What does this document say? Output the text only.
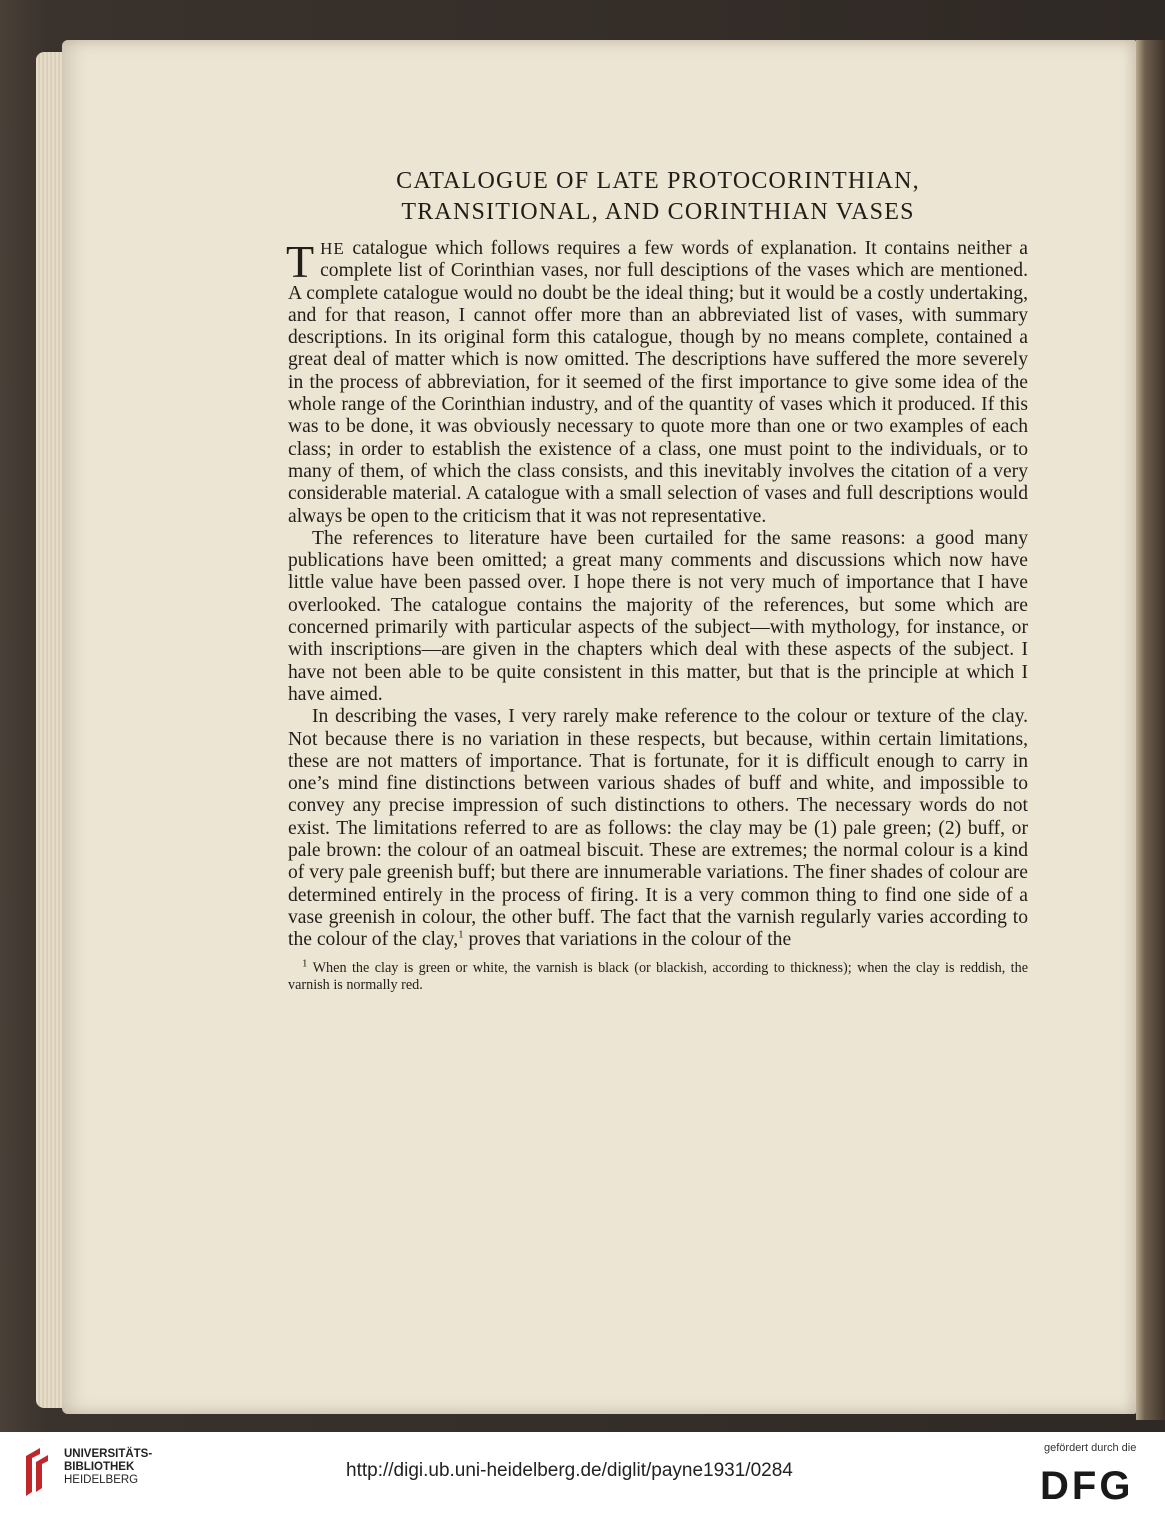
CATALOGUE OF LATE PROTOCORINTHIAN,
TRANSITIONAL, AND CORINTHIAN VASES

THE catalogue which follows requires a few words of explanation. It contains neither a complete list of Corinthian vases, nor full desciptions of the vases which are mentioned. A complete catalogue would no doubt be the ideal thing; but it would be a costly undertaking, and for that reason, I cannot offer more than an abbreviated list of vases, with summary descriptions. In its original form this catalogue, though by no means complete, contained a great deal of matter which is now omitted. The descriptions have suffered the more severely in the process of abbreviation, for it seemed of the first importance to give some idea of the whole range of the Corinthian industry, and of the quantity of vases which it produced. If this was to be done, it was obviously necessary to quote more than one or two examples of each class; in order to establish the existence of a class, one must point to the individuals, or to many of them, of which the class consists, and this inevitably involves the citation of a very considerable material. A catalogue with a small selection of vases and full descriptions would always be open to the criticism that it was not representative.

The references to literature have been curtailed for the same reasons: a good many publications have been omitted; a great many comments and discussions which now have little value have been passed over. I hope there is not very much of importance that I have overlooked. The catalogue contains the majority of the references, but some which are concerned primarily with particular aspects of the subject—with mythology, for instance, or with inscriptions—are given in the chapters which deal with these aspects of the subject. I have not been able to be quite consistent in this matter, but that is the principle at which I have aimed.

In describing the vases, I very rarely make reference to the colour or texture of the clay. Not because there is no variation in these respects, but because, within certain limitations, these are not matters of importance. That is fortunate, for it is difficult enough to carry in one’s mind fine distinctions between various shades of buff and white, and impossible to convey any precise impression of such distinctions to others. The necessary words do not exist. The limitations referred to are as follows: the clay may be (1) pale green; (2) buff, or pale brown: the colour of an oatmeal biscuit. These are extremes; the normal colour is a kind of very pale greenish buff; but there are innumerable variations. The finer shades of colour are determined entirely in the process of firing. It is a very common thing to find one side of a vase greenish in colour, the other buff. The fact that the varnish regularly varies according to the colour of the clay,$^1$ proves that variations in the colour of the

$^1$ When the clay is green or white, the varnish is black (or blackish, according to thickness); when the clay is reddish, the varnish is normally red.

UNIVERSITÄTS-
BIBLIOTHEK
HEIDELBERG	http://digi.ub.uni-heidelberg.de/diglit/payne1931/0284
gefördert durch die
DFG
